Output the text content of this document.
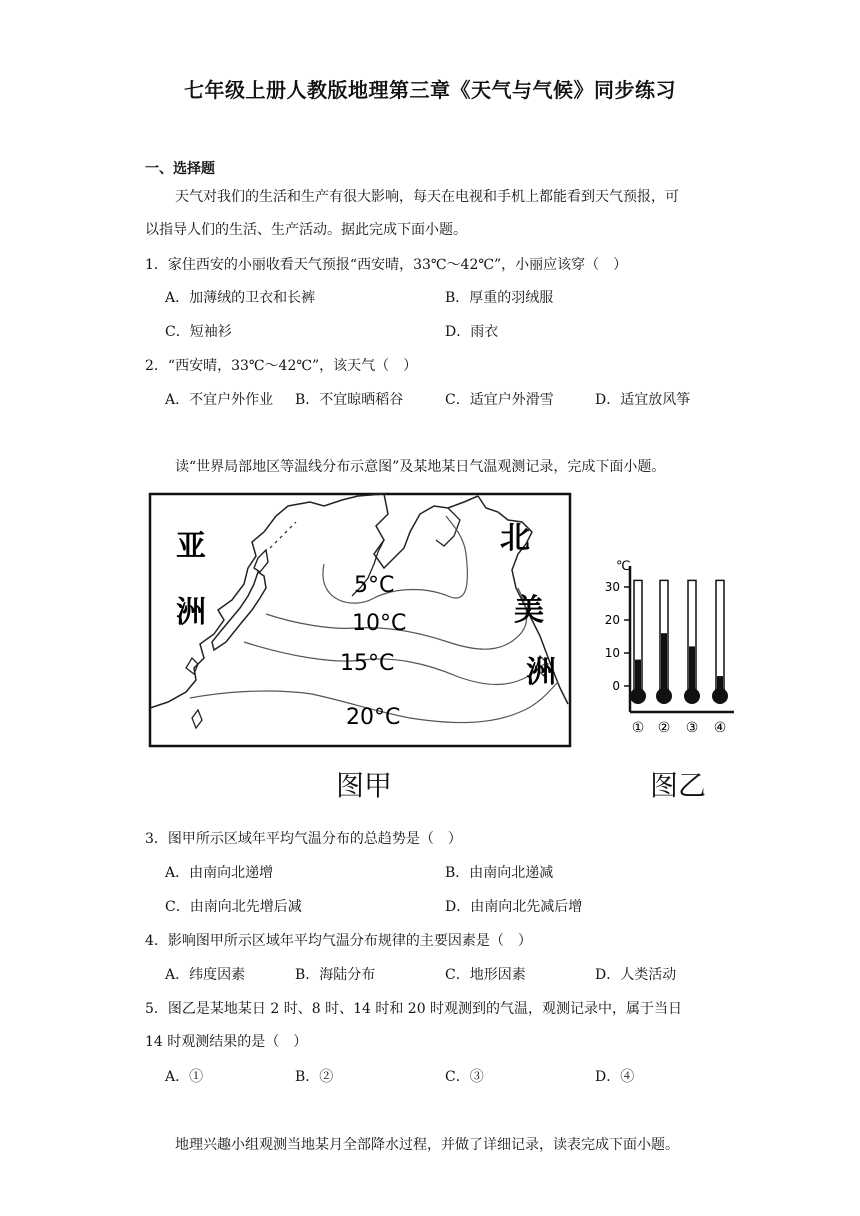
七年级上册人教版地理第三章《天气与气候》同步练习
一、选择题
天气对我们的生活和生产有很大影响，每天在电视和手机上都能看到天气预报，可
以指导人们的生活、生产活动。据此完成下面小题。
1．家住西安的小丽收看天气预报“西安晴，33℃～42℃”，小丽应该穿（　）
A．加薄绒的卫衣和长裤	B．厚重的羽绒服
C．短袖衫	D．雨衣
2．“西安晴，33℃～42℃”，该天气（　）
A．不宜户外作业 B．不宜晾晒稻谷	C．适宜户外滑雪	D．适宜放风筝
读“世界局部地区等温线分布示意图”及某地某日气温观测记录，完成下面小题。
亚
洲
北
美
洲
5°C
10°C
15°C
20°C
图甲
℃
30
20
10
0
① ② ③ ④
图乙
3．图甲所示区域年平均气温分布的总趋势是（　）
A．由南向北递增	B．由南向北递减
C．由南向北先增后减	D．由南向北先减后增
4．影响图甲所示区域年平均气温分布规律的主要因素是（　）
A．纬度因素	B．海陆分布	C．地形因素	D．人类活动
5．图乙是某地某日 2 时、8 时、14 时和 20 时观测到的气温，观测记录中，属于当日
14 时观测结果的是（　）
A．①	B．②	C．③	D．④
地理兴趣小组观测当地某月全部降水过程，并做了详细记录，读表完成下面小题。
